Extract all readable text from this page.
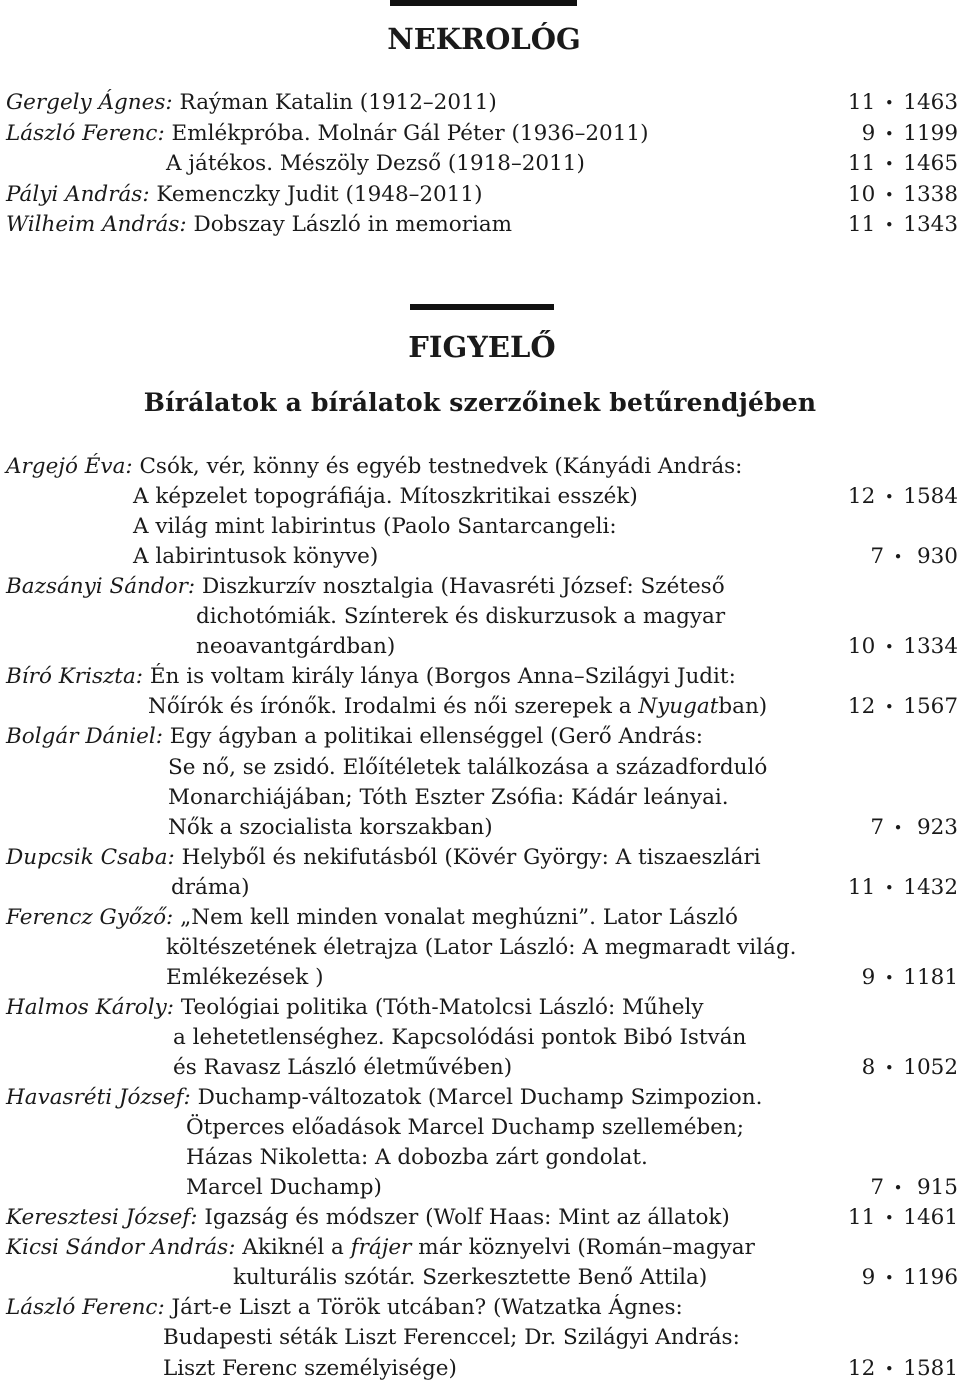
NEKROLÓG
Gergely Ágnes: Raýman Katalin (1912–2011)	11 • 1463
László Ferenc: Emlékpróba. Molnár Gál Péter (1936–2011)	9 • 1199
A játékos. Mészöly Dezső (1918–2011)	11 • 1465
Pályi András: Kemenczky Judit (1948–2011)	10 • 1338
Wilheim András: Dobszay László in memoriam	11 • 1343
FIGYELŐ
Bírálatok a bírálatok szerzőinek betűrendjében
Argejó Éva: Csók, vér, könny és egyéb testnedvek (Kányádi András:
A képzelet topográfiája. Mítoszkritikai esszék)	12 • 1584
A világ mint labirintus (Paolo Santarcangeli:
A labirintusok könyve)	7 • 930
Bazsányi Sándor: Diszkurzív nosztalgia (Havasréti József: Széteső
dichotómiák. Színterek és diskurzusok a magyar
neoavantgárdban)	10 • 1334
Bíró Kriszta: Én is voltam király lánya (Borgos Anna–Szilágyi Judit:
Nőírók és írónők. Irodalmi és női szerepek a Nyugatban)	12 • 1567
Bolgár Dániel: Egy ágyban a politikai ellenséggel (Gerő András:
Se nő, se zsidó. Előítéletek találkozása a századforduló
Monarchiájában; Tóth Eszter Zsófia: Kádár leányai.
Nők a szocialista korszakban)	7 • 923
Dupcsik Csaba: Helyből és nekifutásból (Kövér György: A tiszaeszlári
dráma)	11 • 1432
Ferencz Győző: „Nem kell minden vonalat meghúzni”. Lator László
költészetének életrajza (Lator László: A megmaradt világ.
Emlékezések )	9 • 1181
Halmos Károly: Teológiai politika (Tóth-Matolcsi László: Műhely
a lehetetlenséghez. Kapcsolódási pontok Bibó István
és Ravasz László életművében)	8 • 1052
Havasréti József: Duchamp-változatok (Marcel Duchamp Szimpozion.
Ötperces előadások Marcel Duchamp szellemében;
Házas Nikoletta: A dobozba zárt gondolat.
Marcel Duchamp)	7 • 915
Keresztesi József: Igazság és módszer (Wolf Haas: Mint az állatok)	11 • 1461
Kicsi Sándor András: Akiknél a frájer már köznyelvi (Román–magyar
kulturális szótár. Szerkesztette Benő Attila)	9 • 1196
László Ferenc: Járt-e Liszt a Török utcában? (Watzatka Ágnes:
Budapesti séták Liszt Ferenccel; Dr. Szilágyi András:
Liszt Ferenc személyisége)	12 • 1581
